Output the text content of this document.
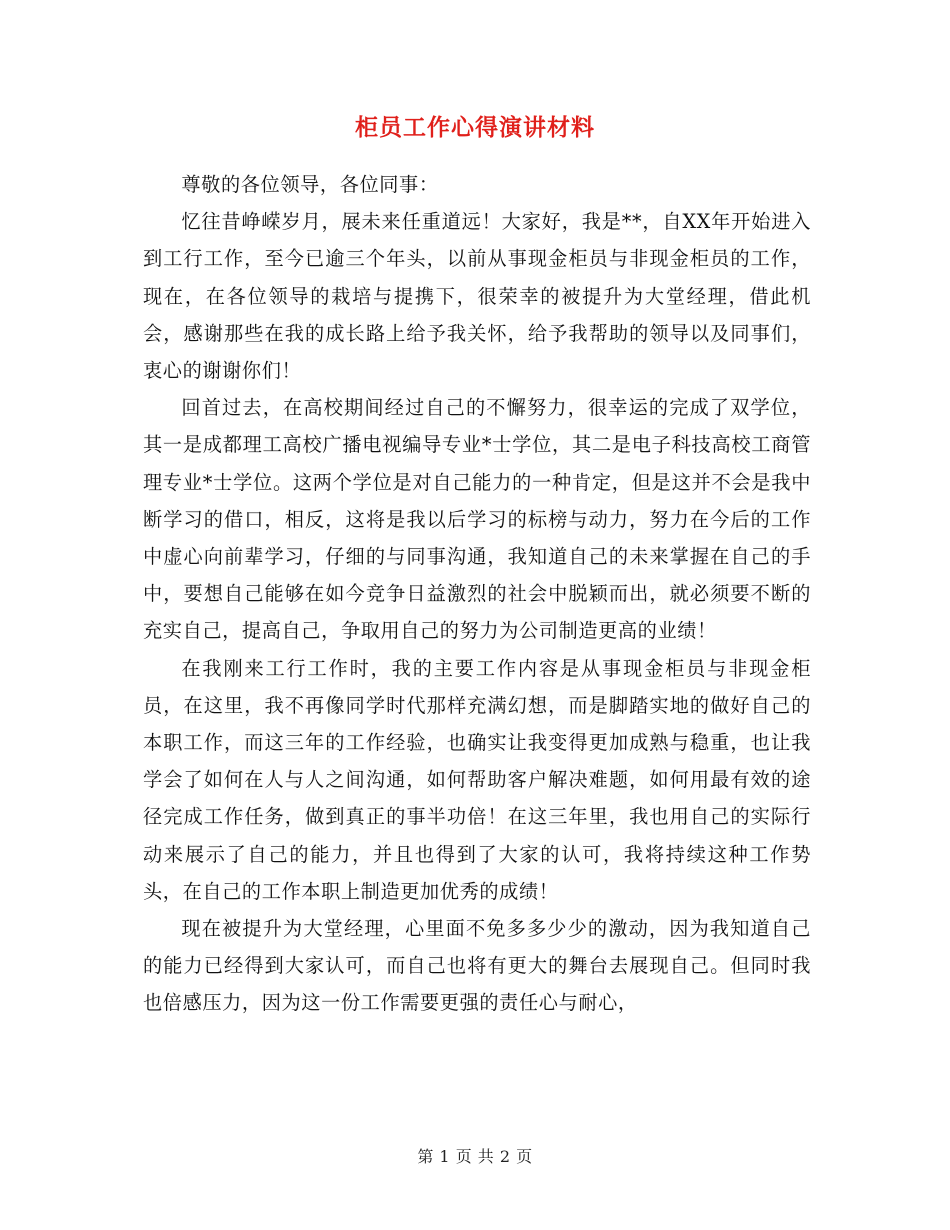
柜员工作心得演讲材料

尊敬的各位领导，各位同事：

忆往昔峥嵘岁月，展未来任重道远！大家好，我是**，自XX年开始进入到工行工作，至今已逾三个年头，以前从事现金柜员与非现金柜员的工作，现在，在各位领导的栽培与提携下，很荣幸的被提升为大堂经理，借此机会，感谢那些在我的成长路上给予我关怀，给予我帮助的领导以及同事们，衷心的谢谢你们！

回首过去，在高校期间经过自己的不懈努力，很幸运的完成了双学位，其一是成都理工高校广播电视编导专业*士学位，其二是电子科技高校工商管理专业*士学位。这两个学位是对自己能力的一种肯定，但是这并不会是我中断学习的借口，相反，这将是我以后学习的标榜与动力，努力在今后的工作中虚心向前辈学习，仔细的与同事沟通，我知道自己的未来掌握在自己的手中，要想自己能够在如今竞争日益激烈的社会中脱颖而出，就必须要不断的充实自己，提高自己，争取用自己的努力为公司制造更高的业绩！

在我刚来工行工作时，我的主要工作内容是从事现金柜员与非现金柜员，在这里，我不再像同学时代那样充满幻想，而是脚踏实地的做好自己的本职工作，而这三年的工作经验，也确实让我变得更加成熟与稳重，也让我学会了如何在人与人之间沟通，如何帮助客户解决难题，如何用最有效的途径完成工作任务，做到真正的事半功倍！在这三年里，我也用自己的实际行动来展示了自己的能力，并且也得到了大家的认可，我将持续这种工作势头，在自己的工作本职上制造更加优秀的成绩！

现在被提升为大堂经理，心里面不免多多少少的激动，因为我知道自己的能力已经得到大家认可，而自己也将有更大的舞台去展现自己。但同时我也倍感压力，因为这一份工作需要更强的责任心与耐心，

第 1 页 共 2 页
